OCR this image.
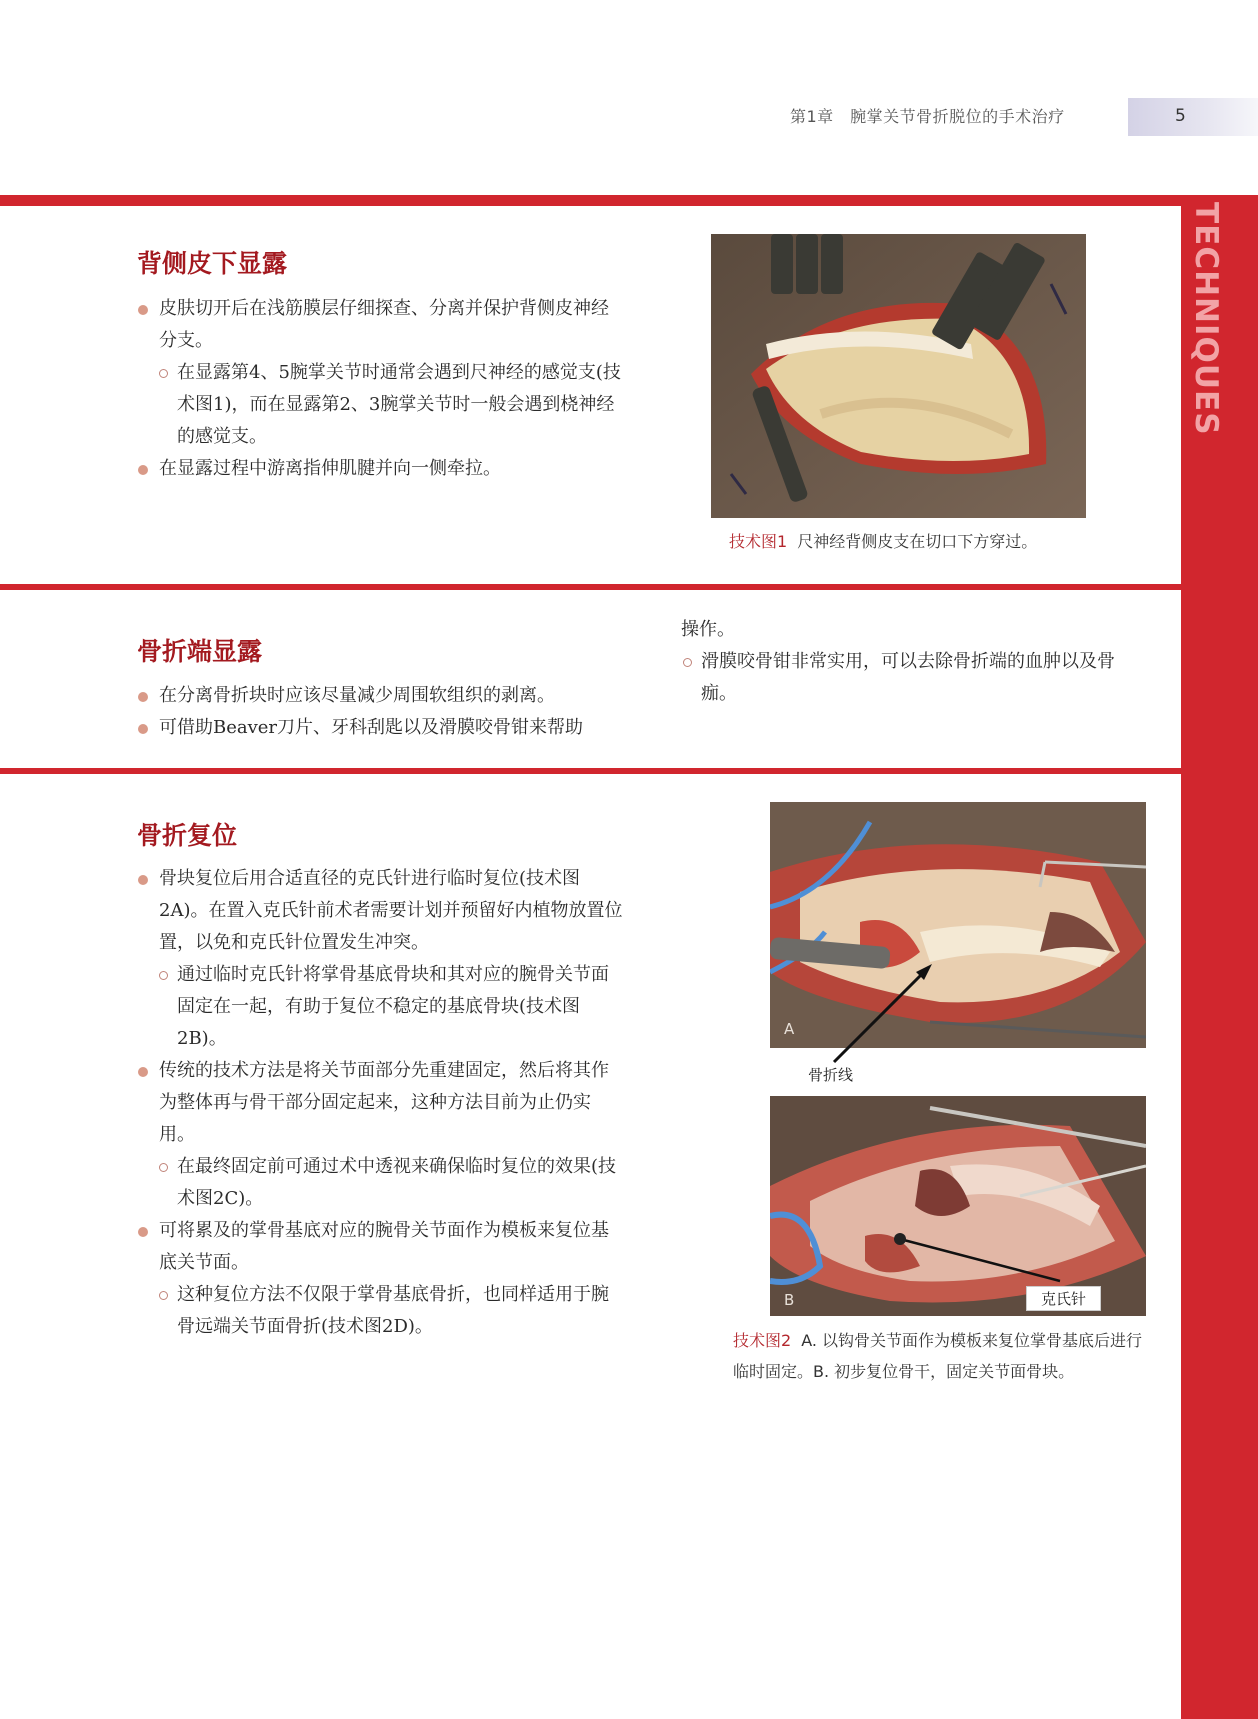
第1章　腕掌关节骨折脱位的手术治疗	5
TECHNIQUES
背侧皮下显露
皮肤切开后在浅筋膜层仔细探查、分离并保护背侧皮神经分支。
在显露第4、5腕掌关节时通常会遇到尺神经的感觉支(技术图1)，而在显露第2、3腕掌关节时一般会遇到桡神经的感觉支。
在显露过程中游离指伸肌腱并向一侧牵拉。
技术图1 尺神经背侧皮支在切口下方穿过。
骨折端显露
在分离骨折块时应该尽量减少周围软组织的剥离。
可借助Beaver刀片、牙科刮匙以及滑膜咬骨钳来帮助
操作。
滑膜咬骨钳非常实用，可以去除骨折端的血肿以及骨痂。
骨折复位
骨块复位后用合适直径的克氏针进行临时复位(技术图2A)。在置入克氏针前术者需要计划并预留好内植物放置位置，以免和克氏针位置发生冲突。
通过临时克氏针将掌骨基底骨块和其对应的腕骨关节面固定在一起，有助于复位不稳定的基底骨块(技术图2B)。
传统的技术方法是将关节面部分先重建固定，然后将其作为整体再与骨干部分固定起来，这种方法目前为止仍实用。
在最终固定前可通过术中透视来确保临时复位的效果(技术图2C)。
可将累及的掌骨基底对应的腕骨关节面作为模板来复位基底关节面。
这种复位方法不仅限于掌骨基底骨折，也同样适用于腕骨远端关节面骨折(技术图2D)。
A
骨折线
B	克氏针
技术图2 A. 以钩骨关节面作为模板来复位掌骨基底后进行临时固定。B. 初步复位骨干，固定关节面骨块。
